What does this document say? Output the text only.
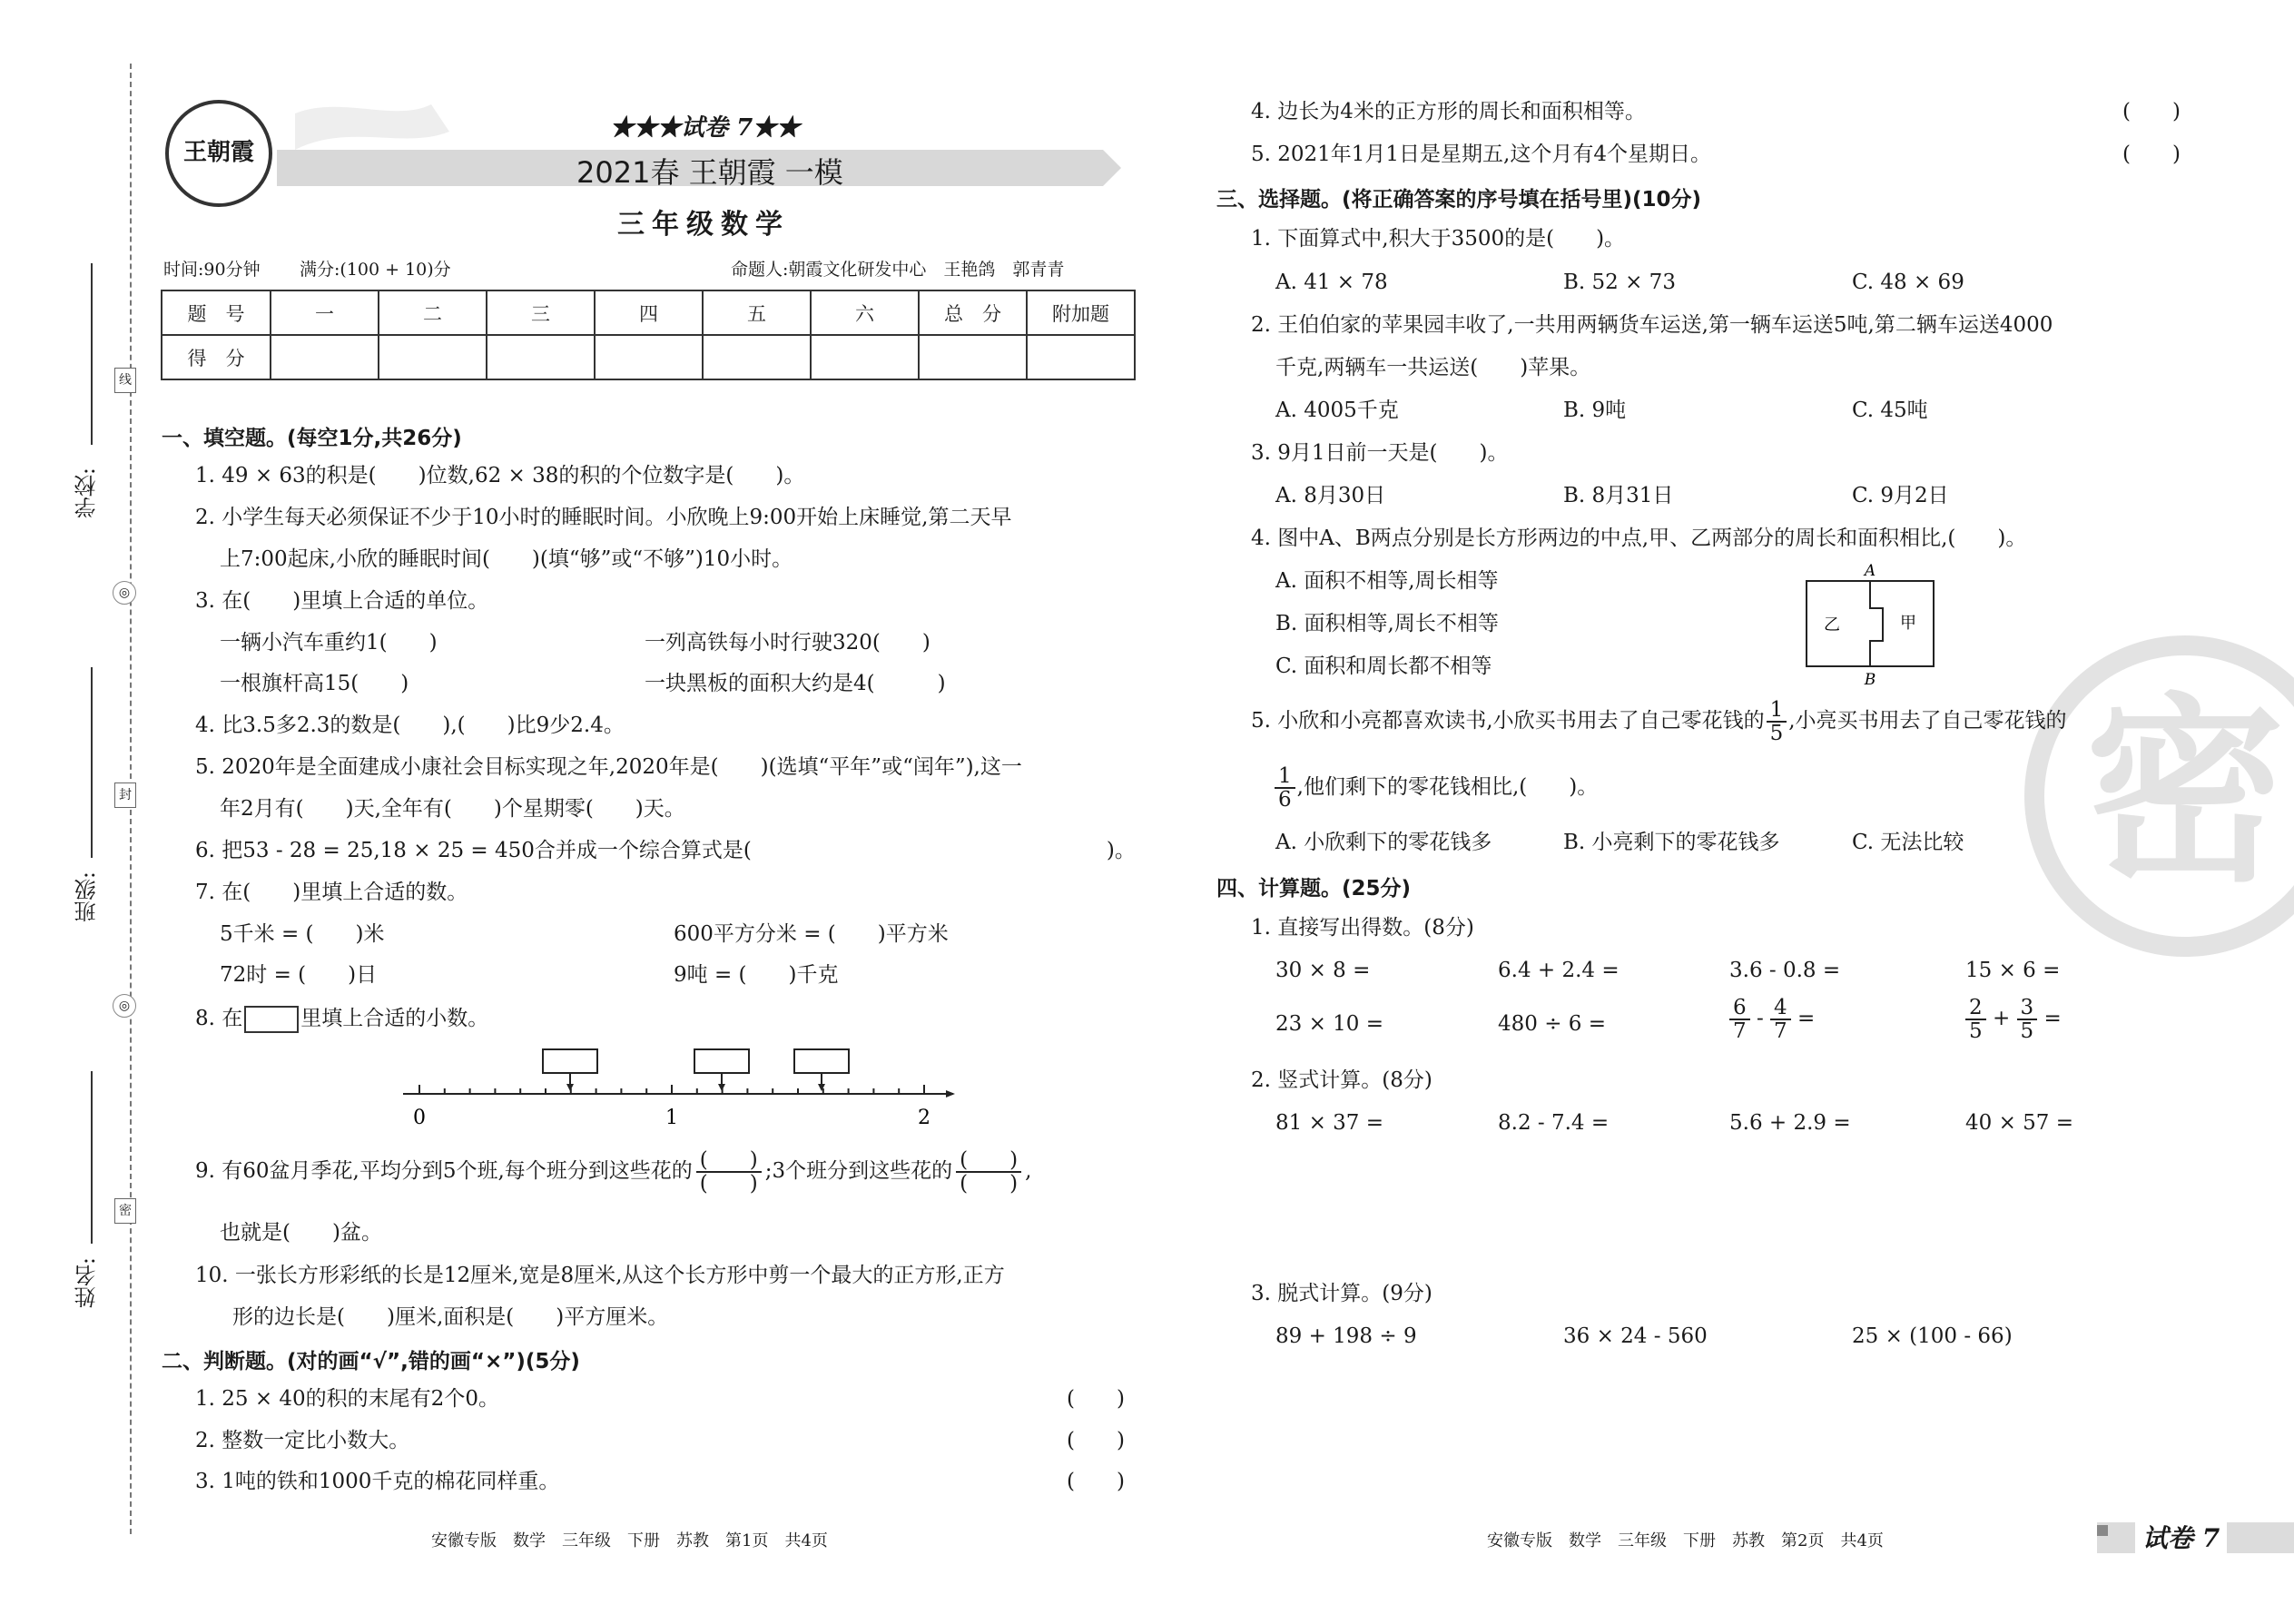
学校:
线
◎
班级:
封
◎
姓名:
密
王朝霞
★★★试卷 7★★
2021春 王朝霞 一模
三年级数学
时间:90分钟 满分:(100 + 10)分	命题人:朝霞文化研发中心　王艳鸽　郭青青
题　号	一	二	三	四	五	六	总　分	附加题
得　分								
一、填空题。(每空1分,共26分)
1. 49 × 63的积是(　　)位数,62 × 38的积的个位数字是(　　)。
2. 小学生每天必须保证不少于10小时的睡眠时间。小欣晚上9:00开始上床睡觉,第二天早
上7:00起床,小欣的睡眠时间(　　)(填“够”或“不够”)10小时。
3. 在(　　)里填上合适的单位。
一辆小汽车重约1(　　)	一列高铁每小时行驶320(　　)
一根旗杆高15(　　)	一块黑板的面积大约是4(　　　)
4. 比3.5多2.3的数是(　　),(　　)比9少2.4。
5. 2020年是全面建成小康社会目标实现之年,2020年是(　　)(选填“平年”或“闰年”),这一
年2月有(　　)天,全年有(　　)个星期零(　　)天。
6. 把53 - 28 = 25,18 × 25 = 450合并成一个综合算式是(　　　　　　　　　　　　　　　　　)。
7. 在(　　)里填上合适的数。
5千米 = (　　)米	600平方分米 = (　　)平方米
72时 = (　　)日	9吨 = (　　)千克
8. 在	里填上合适的小数。
0	1	2
9. 有60盆月季花,平均分到5个班,每个班分到这些花的 $\frac{( )}{( )}$ ;3个班分到这些花的 $\frac{( )}{( )}$ ,
也就是(　　)盆。
10. 一张长方形彩纸的长是12厘米,宽是8厘米,从这个长方形中剪一个最大的正方形,正方
形的边长是(　　)厘米,面积是(　　)平方厘米。
二、判断题。(对的画“√”,错的画“×”)(5分)
1. 25 × 40的积的末尾有2个0。	(　　)
2. 整数一定比小数大。	(　　)
3. 1吨的铁和1000千克的棉花同样重。	(　　)
安徽专版　数学　三年级　下册　苏教　第1页　共4页
密
4. 边长为4米的正方形的周长和面积相等。	(　　)
5. 2021年1月1日是星期五,这个月有4个星期日。	(　　)
三、选择题。(将正确答案的序号填在括号里)(10分)
1. 下面算式中,积大于3500的是(　　)。
A. 41 × 78	B. 52 × 73	C. 48 × 69
2. 王伯伯家的苹果园丰收了,一共用两辆货车运送,第一辆车运送5吨,第二辆车运送4000
千克,两辆车一共运送(　　)苹果。
A. 4005千克	B. 9吨	C. 45吨
3. 9月1日前一天是(　　)。
A. 8月30日	B. 8月31日	C. 9月2日
4. 图中A、B两点分别是长方形两边的中点,甲、乙两部分的周长和面积相比,(　　)。
A. 面积不相等,周长相等
B. 面积相等,周长不相等
C. 面积和周长都不相等
A
B
乙	甲
5. 小欣和小亮都喜欢读书,小欣买书用去了自己零花钱的 $\frac{1}{5}$ ,小亮买书用去了自己零花钱的
$\frac{1}{6}$ ,他们剩下的零花钱相比,(　　)。
A. 小欣剩下的零花钱多	B. 小亮剩下的零花钱多	C. 无法比较
四、计算题。(25分)
1. 直接写出得数。(8分)
30 × 8 =	6.4 + 2.4 =	3.6 - 0.8 =	15 × 6 =
23 × 10 =	480 ÷ 6 =	$\frac{6}{7} - \frac{4}{7}$ =	$\frac{2}{5} + \frac{3}{5}$ =
2. 竖式计算。(8分)
81 × 37 =	8.2 - 7.4 =	5.6 + 2.9 =	40 × 57 =
3. 脱式计算。(9分)
89 + 198 ÷ 9	36 × 24 - 560	25 × (100 - 66)
安徽专版　数学　三年级　下册　苏教　第2页　共4页	试卷 7
